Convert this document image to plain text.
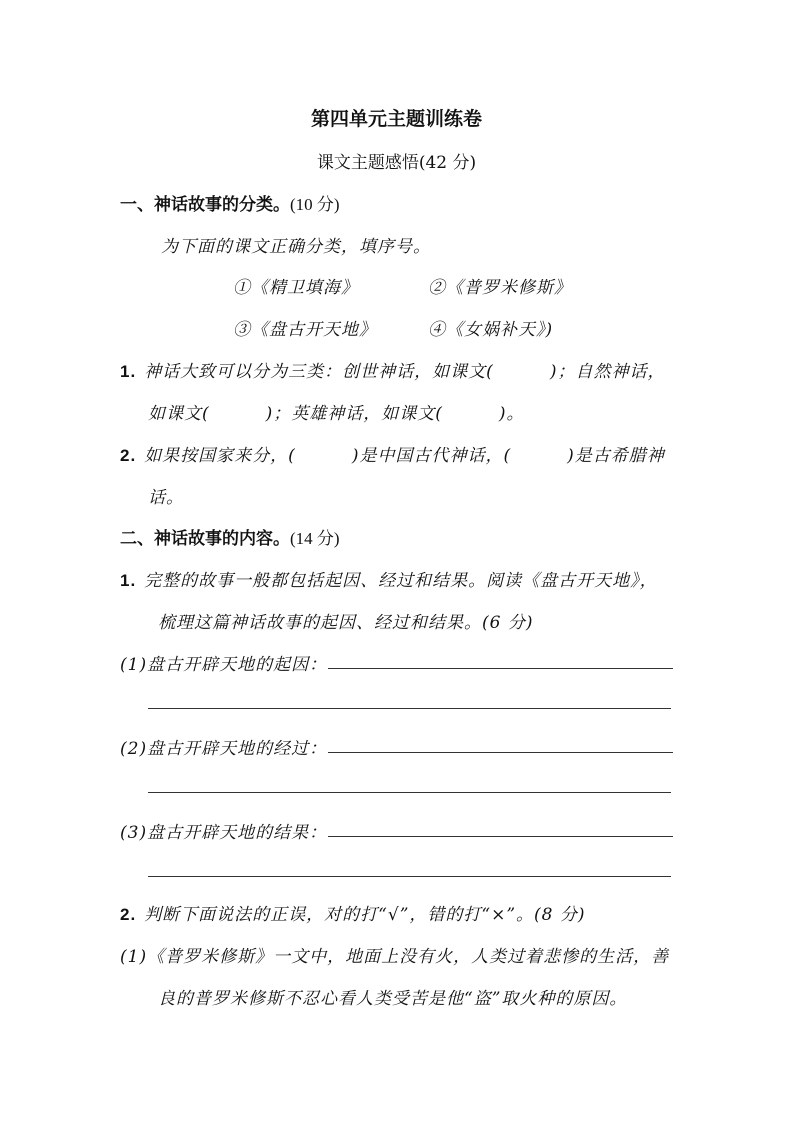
第四单元主题训练卷
课文主题感悟(42 分)
一、神话故事的分类。(10 分)
为下面的课文正确分类，填序号。
①《精卫填海》	②《普罗米修斯》
③《盘古开天地》	④《女娲补天》)
1. 神话大致可以分为三类：创世神话，如课文(	)；自然神话，
如课文(	)；英雄神话，如课文(	)。
2. 如果按国家来分，(	)是中国古代神话，(	)是古希腊神
话。
二、神话故事的内容。(14 分)
1. 完整的故事一般都包括起因、经过和结果。阅读《盘古开天地》，
梳理这篇神话故事的起因、经过和结果。(6 分)
(1)盘古开辟天地的起因：
(2)盘古开辟天地的经过：
(3)盘古开辟天地的结果：
2. 判断下面说法的正误，对的打“√”，错的打“×”。(8 分)
(1)《普罗米修斯》一文中，地面上没有火，人类过着悲惨的生活，善
良的普罗米修斯不忍心看人类受苦是他“盗”取火种的原因。
